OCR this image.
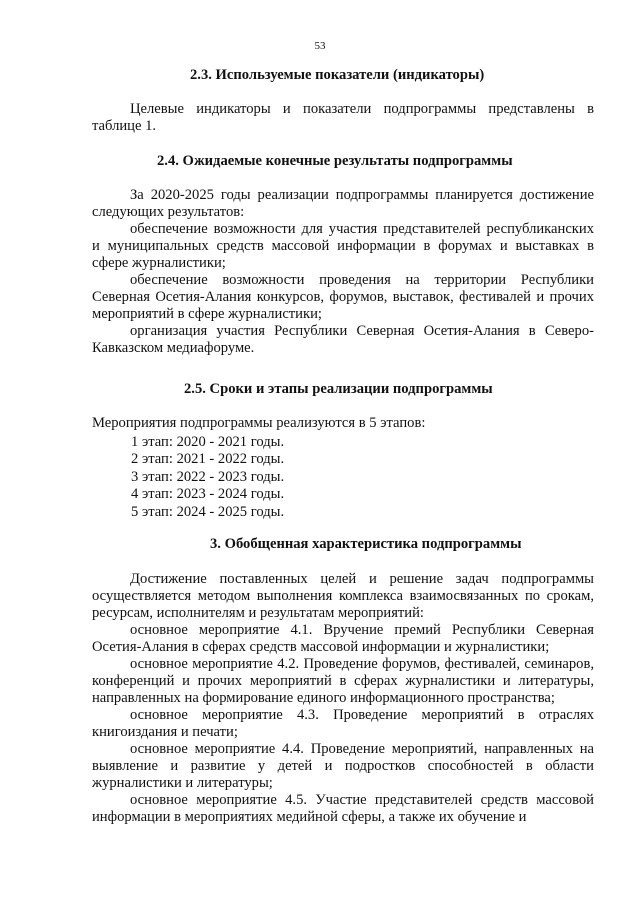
53
2.3. Используемые показатели (индикаторы)

Целевые индикаторы и показатели подпрограммы представлены в таблице 1.

2.4. Ожидаемые конечные результаты подпрограммы

За 2020-2025 годы реализации подпрограммы планируется достижение следующих результатов:

обеспечение возможности для участия представителей республиканских и муниципальных средств массовой информации в форумах и выставках в сфере журналистики;

обеспечение возможности проведения на территории Республики Северная Осетия-Алания конкурсов, форумов, выставок, фестивалей и прочих мероприятий в сфере журналистики;

организация участия Республики Северная Осетия-Алания в Северо-Кавказском медиафоруме.

2.5. Сроки и этапы реализации подпрограммы

Мероприятия подпрограммы реализуются в 5 этапов:

1 этап: 2020 - 2021 годы.
2 этап: 2021 - 2022 годы.
3 этап: 2022 - 2023 годы.
4 этап: 2023 - 2024 годы.
5 этап: 2024 - 2025 годы.
3. Обобщенная характеристика подпрограммы

Достижение поставленных целей и решение задач подпрограммы осуществляется методом выполнения комплекса взаимосвязанных по срокам, ресурсам, исполнителям и результатам мероприятий:

основное мероприятие 4.1. Вручение премий Республики Северная Осетия-Алания в сферах средств массовой информации и журналистики;

основное мероприятие 4.2. Проведение форумов, фестивалей, семинаров, конференций и прочих мероприятий в сферах журналистики и литературы, направленных на формирование единого информационного пространства;

основное мероприятие 4.3. Проведение мероприятий в отраслях книгоиздания и печати;

основное мероприятие 4.4. Проведение мероприятий, направленных на выявление и развитие у детей и подростков способностей в области журналистики и литературы;

основное мероприятие 4.5. Участие представителей средств массовой информации в мероприятиях медийной сферы, а также их обучение и
